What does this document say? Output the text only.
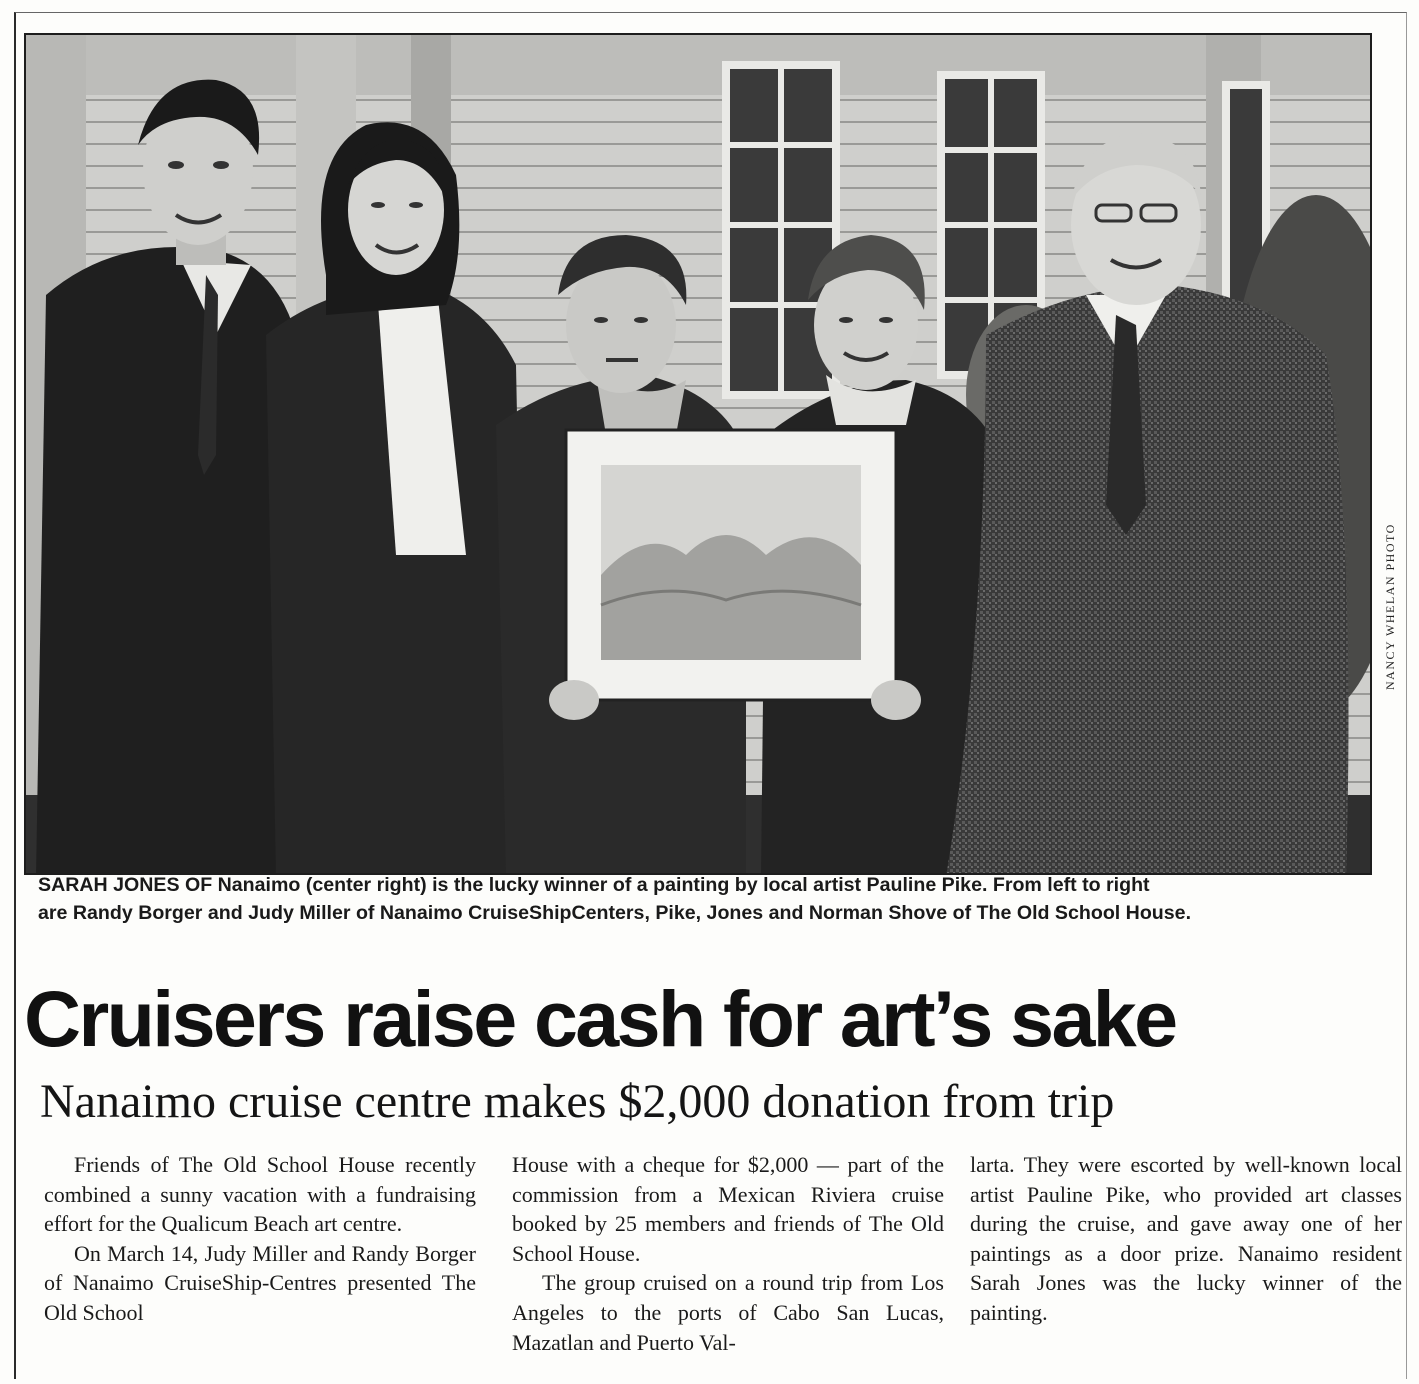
NANCY WHELAN PHOTO

SARAH JONES OF Nanaimo (center right) is the lucky winner of a painting by local artist Pauline Pike. From left to right

are Randy Borger and Judy Miller of Nanaimo CruiseShipCenters, Pike, Jones and Norman Shove of The Old School House.

Cruisers raise cash for art’s sake
Nanaimo cruise centre makes $2,000 donation from trip

Friends of The Old School House recently combined a sunny vacation with a fundraising effort for the Qualicum Beach art centre.

On March 14, Judy Miller and Randy Borger of Nanaimo CruiseShip-Centres presented The Old School

House with a cheque for $2,000 — part of the commission from a Mexican Riviera cruise booked by 25 members and friends of The Old School House.

The group cruised on a round trip from Los Angeles to the ports of Cabo San Lucas, Mazatlan and Puerto Val-

larta. They were escorted by well-known local artist Pauline Pike, who provided art classes during the cruise, and gave away one of her paintings as a door prize. Nanaimo resident Sarah Jones was the lucky winner of the painting.
